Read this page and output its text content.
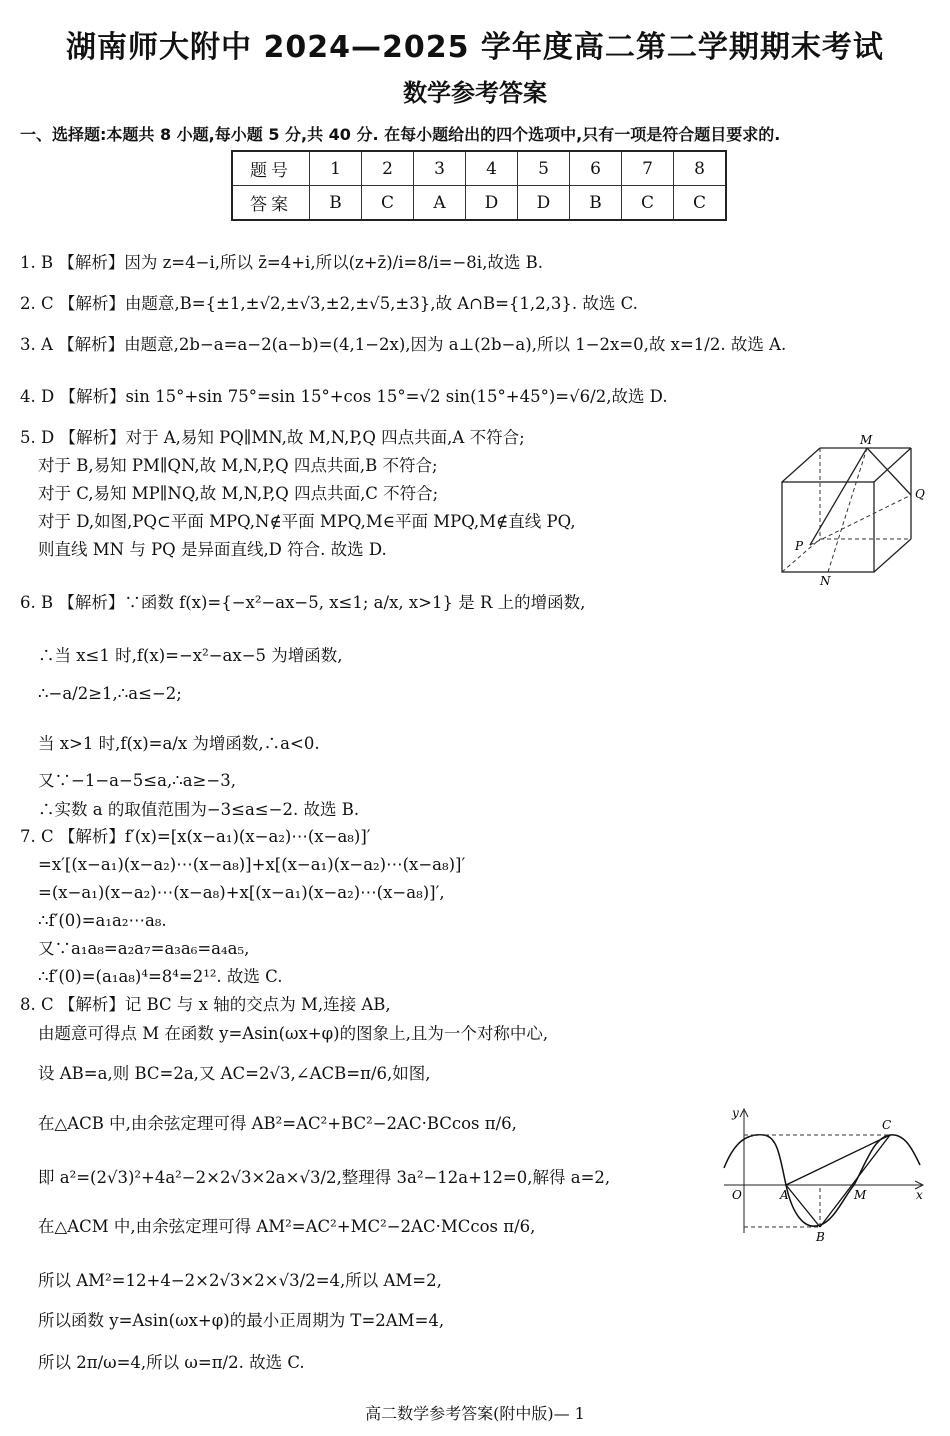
湖南师大附中 2024—2025 学年度高二第二学期期末考试
数学参考答案
一、选择题:本题共 8 小题,每小题 5 分,共 40 分. 在每小题给出的四个选项中,只有一项是符合题目要求的.
题号	1	2	3	4	5	6	7	8
答案	B	C	A	D	D	B	C	C
1. B 【解析】因为 z=4−i,所以 z̄=4+i,所以(z+z̄)/i=8/i=−8i,故选 B.
2. C 【解析】由题意,B={±1,±√2,±√3,±2,±√5,±3},故 A∩B={1,2,3}. 故选 C.
3. A 【解析】由题意,2b−a=a−2(a−b)=(4,1−2x),因为 a⊥(2b−a),所以 1−2x=0,故 x=1/2. 故选 A.
4. D 【解析】sin 15°+sin 75°=sin 15°+cos 15°=√2 sin(15°+45°)=√6/2,故选 D.
5. D 【解析】对于 A,易知 PQ∥MN,故 M,N,P,Q 四点共面,A 不符合;
对于 B,易知 PM∥QN,故 M,N,P,Q 四点共面,B 不符合;
对于 C,易知 MP∥NQ,故 M,N,P,Q 四点共面,C 不符合;
对于 D,如图,PQ⊂平面 MPQ,N∉平面 MPQ,M∈平面 MPQ,M∉直线 PQ,
则直线 MN 与 PQ 是异面直线,D 符合. 故选 D.
6. B 【解析】∵函数 f(x)={−x²−ax−5, x≤1; a/x, x>1} 是 R 上的增函数,
∴当 x≤1 时,f(x)=−x²−ax−5 为增函数,
∴−a/2≥1,∴a≤−2;
当 x>1 时,f(x)=a/x 为增函数,∴a<0.
又∵−1−a−5≤a,∴a≥−3,
∴实数 a 的取值范围为−3≤a≤−2. 故选 B.
7. C 【解析】f′(x)=[x(x−a₁)(x−a₂)⋯(x−a₈)]′
=x′[(x−a₁)(x−a₂)⋯(x−a₈)]+x[(x−a₁)(x−a₂)⋯(x−a₈)]′
=(x−a₁)(x−a₂)⋯(x−a₈)+x[(x−a₁)(x−a₂)⋯(x−a₈)]′,
∴f′(0)=a₁a₂⋯a₈.
又∵a₁a₈=a₂a₇=a₃a₆=a₄a₅,
∴f′(0)=(a₁a₈)⁴=8⁴=2¹². 故选 C.
8. C 【解析】记 BC 与 x 轴的交点为 M,连接 AB,
由题意可得点 M 在函数 y=Asin(ωx+φ)的图象上,且为一个对称中心,
设 AB=a,则 BC=2a,又 AC=2√3,∠ACB=π/6,如图,
在△ACB 中,由余弦定理可得 AB²=AC²+BC²−2AC·BCcos π/6,
即 a²=(2√3)²+4a²−2×2√3×2a×√3/2,整理得 3a²−12a+12=0,解得 a=2,
在△ACM 中,由余弦定理可得 AM²=AC²+MC²−2AC·MCcos π/6,
所以 AM²=12+4−2×2√3×2×√3/2=4,所以 AM=2,
所以函数 y=Asin(ωx+φ)的最小正周期为 T=2AM=4,
所以 2π/ω=4,所以 ω=π/2. 故选 C.
M
Q
P
N
y
x
O	A	M
B
C
高二数学参考答案(附中版)— 1
